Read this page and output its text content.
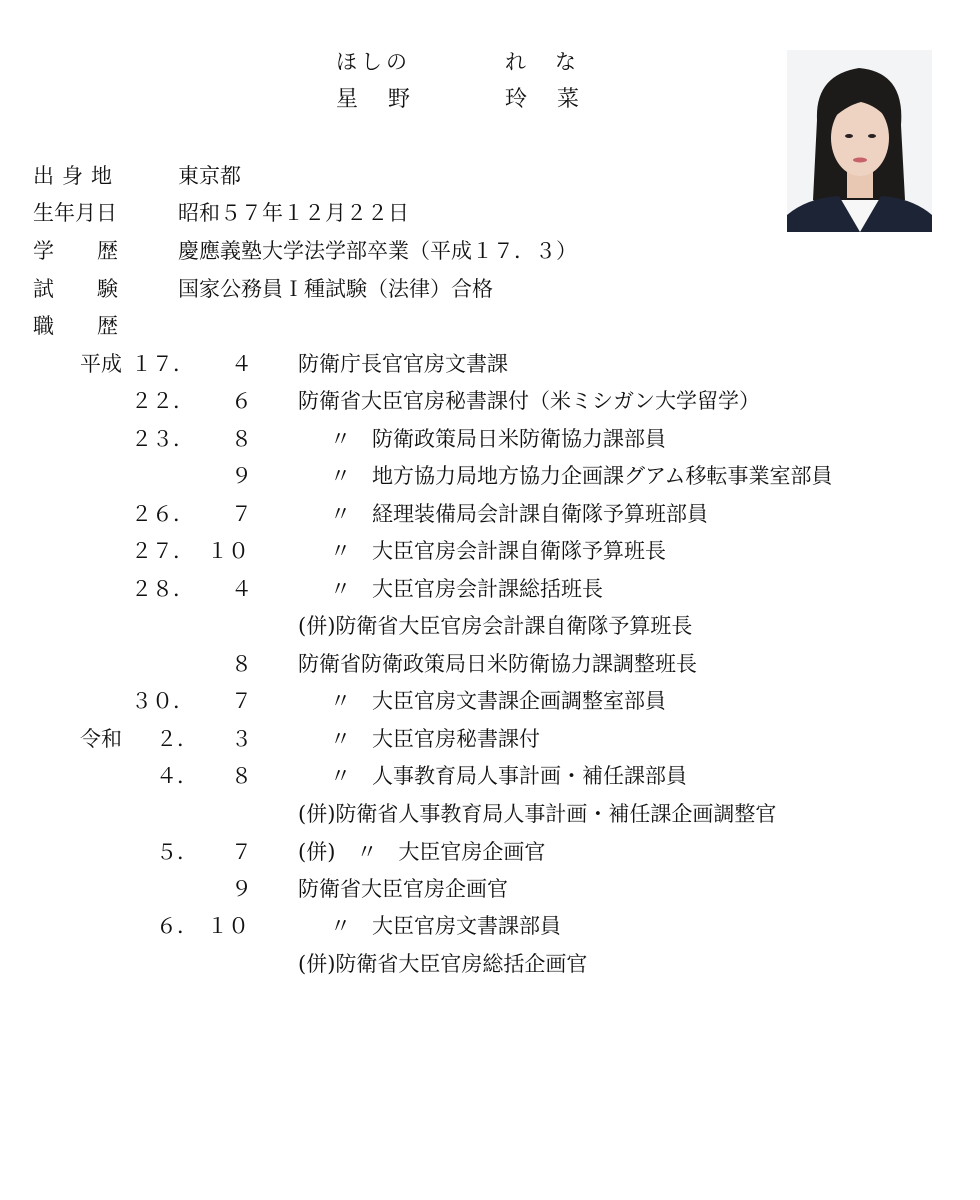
ほしの	れ　な
星　野	玲　菜
出身地	東京都
生年月日	昭和５７年１２月２２日
学　歴 慶應義塾大学法学部卒業（平成１７．３）
試　験 国家公務員Ｉ種試験（法律）合格
職　歴
平成 １７． ４ 防衛庁長官官房文書課
２２． ６ 防衛省大臣官房秘書課付（米ミシガン大学留学）
２３． ８	〃 防衛政策局日米防衛協力課部員
９	〃 地方協力局地方協力企画課グアム移転事業室部員
２６． ７	〃 経理装備局会計課自衛隊予算班部員
２７． １０	〃 大臣官房会計課自衛隊予算班長
２８． ４	〃 大臣官房会計課総括班長
(併)防衛省大臣官房会計課自衛隊予算班長
８ 防衛省防衛政策局日米防衛協力課調整班長
３０． ７	〃 大臣官房文書課企画調整室部員
令和 ２． ３	〃 大臣官房秘書課付
４． ８	〃 人事教育局人事計画・補任課部員
(併)防衛省人事教育局人事計画・補任課企画調整官
５． ７ (併)　〃　大臣官房企画官
９ 防衛省大臣官房企画官
６． １０	〃 大臣官房文書課部員
(併)防衛省大臣官房総括企画官
